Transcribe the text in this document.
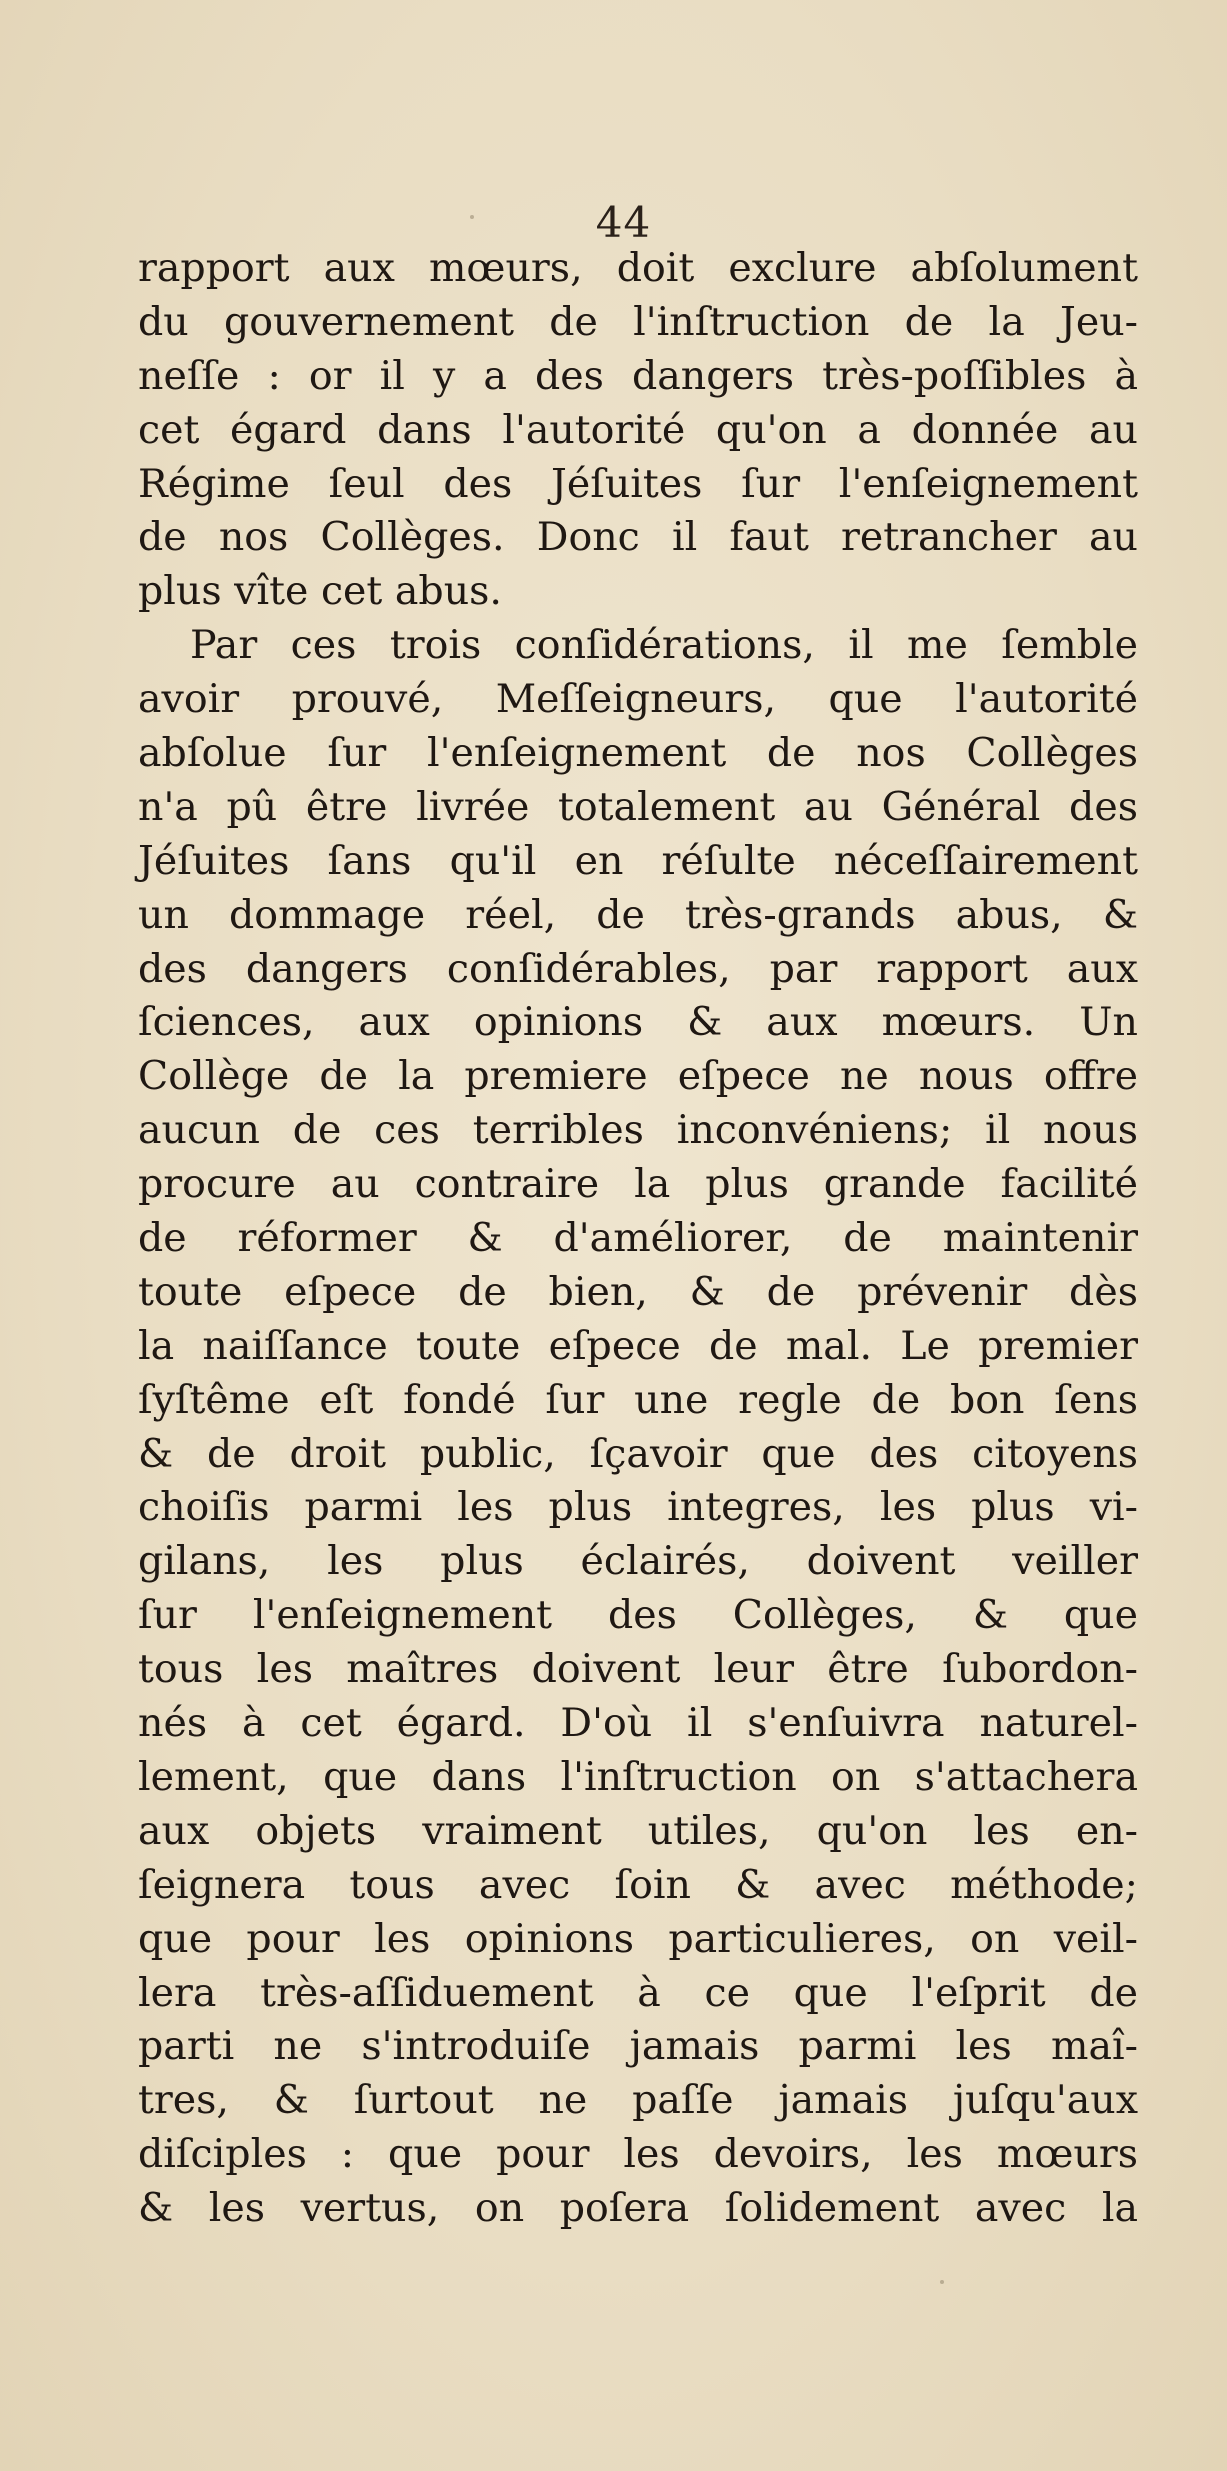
44
rapport aux mœurs, doit exclure abſolument
du gouvernement de l'inſtruction de la Jeu-
neſſe : or il y a des dangers très-poſſibles à
cet égard dans l'autorité qu'on a donnée au
Régime ſeul des Jéſuites ſur l'enſeignement
de nos Collèges. Donc il faut retrancher au
plus vîte cet abus.
Par ces trois conſidérations, il me ſemble
avoir prouvé, Meſſeigneurs, que l'autorité
abſolue ſur l'enſeignement de nos Collèges
n'a pû être livrée totalement au Général des
Jéſuites ſans qu'il en réſulte néceſſairement
un dommage réel, de très-grands abus, &
des dangers conſidérables, par rapport aux
ſciences, aux opinions & aux mœurs. Un
Collège de la premiere eſpece ne nous offre
aucun de ces terribles inconvéniens; il nous
procure au contraire la plus grande facilité
de réformer & d'améliorer, de maintenir
toute eſpece de bien, & de prévenir dès
la naiſſance toute eſpece de mal. Le premier
ſyſtême eſt fondé ſur une regle de bon ſens
& de droit public, ſçavoir que des citoyens
choiſis parmi les plus integres, les plus vi-
gilans, les plus éclairés, doivent veiller
ſur l'enſeignement des Collèges, & que
tous les maîtres doivent leur être ſubordon-
nés à cet égard. D'où il s'enſuivra naturel-
lement, que dans l'inſtruction on s'attachera
aux objets vraiment utiles, qu'on les en-
ſeignera tous avec ſoin & avec méthode;
que pour les opinions particulieres, on veil-
lera très-aſſiduement à ce que l'eſprit de
parti ne s'introduiſe jamais parmi les maî-
tres, & ſurtout ne paſſe jamais juſqu'aux
diſciples : que pour les devoirs, les mœurs
& les vertus, on poſera ſolidement avec la
